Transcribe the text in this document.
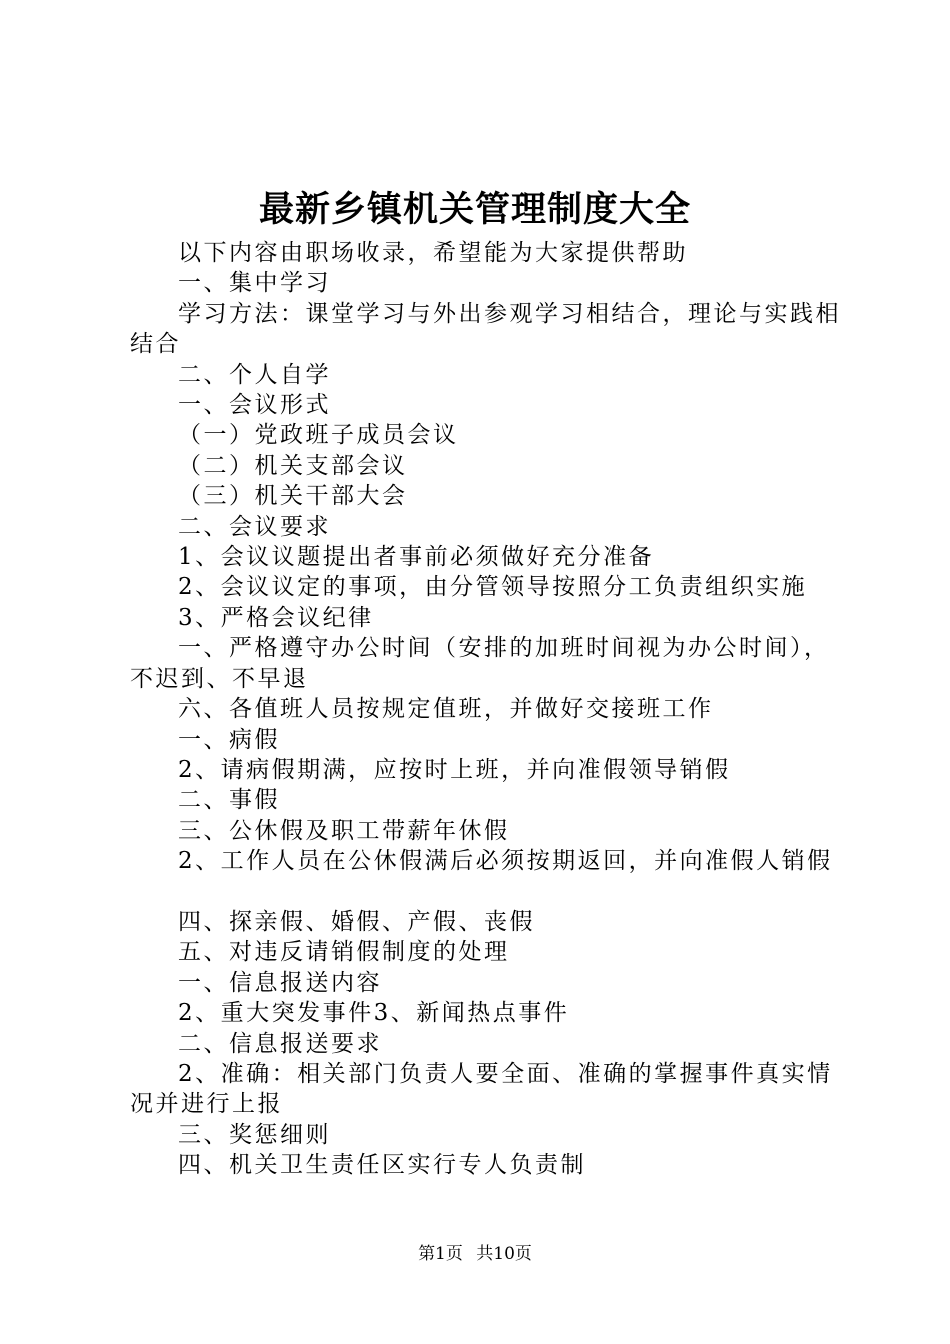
最新乡镇机关管理制度大全

以下内容由职场收录，希望能为大家提供帮助

一、集中学习

学习方法：课堂学习与外出参观学习相结合，理论与实践相结合

二、个人自学

一、会议形式

（一）党政班子成员会议

（二）机关支部会议

（三）机关干部大会

二、会议要求

1、会议议题提出者事前必须做好充分准备

2、会议议定的事项，由分管领导按照分工负责组织实施

3、严格会议纪律

一、严格遵守办公时间（安排的加班时间视为办公时间），不迟到、不早退

六、各值班人员按规定值班，并做好交接班工作

一、病假

2、请病假期满，应按时上班，并向准假领导销假

二、事假

三、公休假及职工带薪年休假

2、工作人员在公休假满后必须按期返回，并向准假人销假

四、探亲假、婚假、产假、丧假

五、对违反请销假制度的处理

一、信息报送内容

2、重大突发事件3、新闻热点事件

二、信息报送要求

2、准确：相关部门负责人要全面、准确的掌握事件真实情况并进行上报

三、奖惩细则

四、机关卫生责任区实行专人负责制

第1页 共10页
